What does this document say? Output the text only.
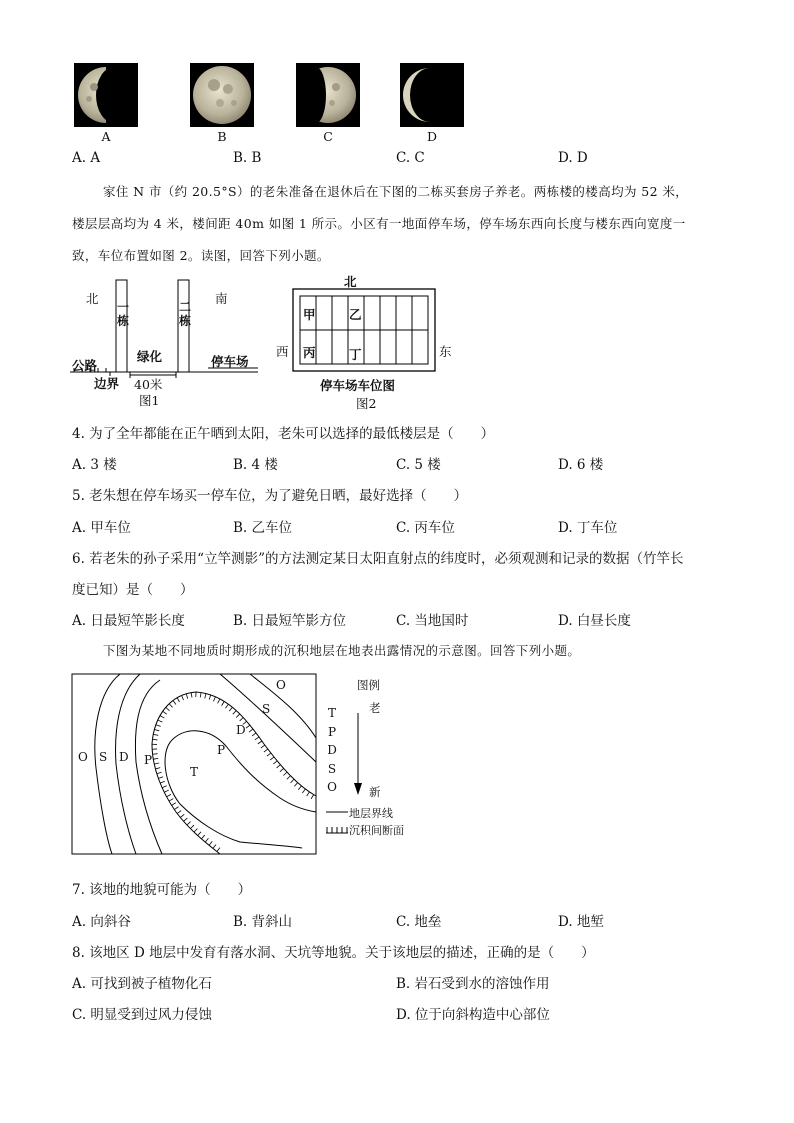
A	B	C	D
A. A	B. B	C. C	D. D
家住 N 市（约 20.5°S）的老朱准备在退休后在下图的二栋买套房子养老。两栋楼的楼高均为 52 米，
楼层层高均为 4 米，楼间距 40m 如图 1 所示。小区有一地面停车场，停车场东西向长度与楼东西向宽度一
致，车位布置如图 2。读图，回答下列小题。
北	南
一栋
二栋
绿化
公路	停车场
边界 40米
图1
北
西	东
甲	乙
丙	丁
停车场车位图
图2
4. 为了全年都能在正午晒到太阳，老朱可以选择的最低楼层是（　　）
A. 3 楼	B. 4 楼	C. 5 楼	D. 6 楼
5. 老朱想在停车场买一停车位，为了避免日晒，最好选择（　　）
A. 甲车位	B. 乙车位	C. 丙车位	D. 丁车位
6. 若老朱的孙子采用“立竿测影”的方法测定某日太阳直射点的纬度时，必须观测和记录的数据（竹竿长
度已知）是（　　）
A. 日最短竿影长度	B. 日最短竿影方位	C. 当地国时	D. 白昼长度
下图为某地不同地质时期形成的沉积地层在地表出露情况的示意图。回答下列小题。
O
S
D
P
T
O S D P
图例
老
T
P
D
S
O	新
地层界线
沉积间断面
7. 该地的地貌可能为（　　）
A. 向斜谷	B. 背斜山	C. 地垒	D. 地堑
8. 该地区 D 地层中发育有落水洞、天坑等地貌。关于该地层的描述，正确的是（　　）
A. 可找到被子植物化石	B. 岩石受到水的溶蚀作用
C. 明显受到过风力侵蚀	D. 位于向斜构造中心部位
